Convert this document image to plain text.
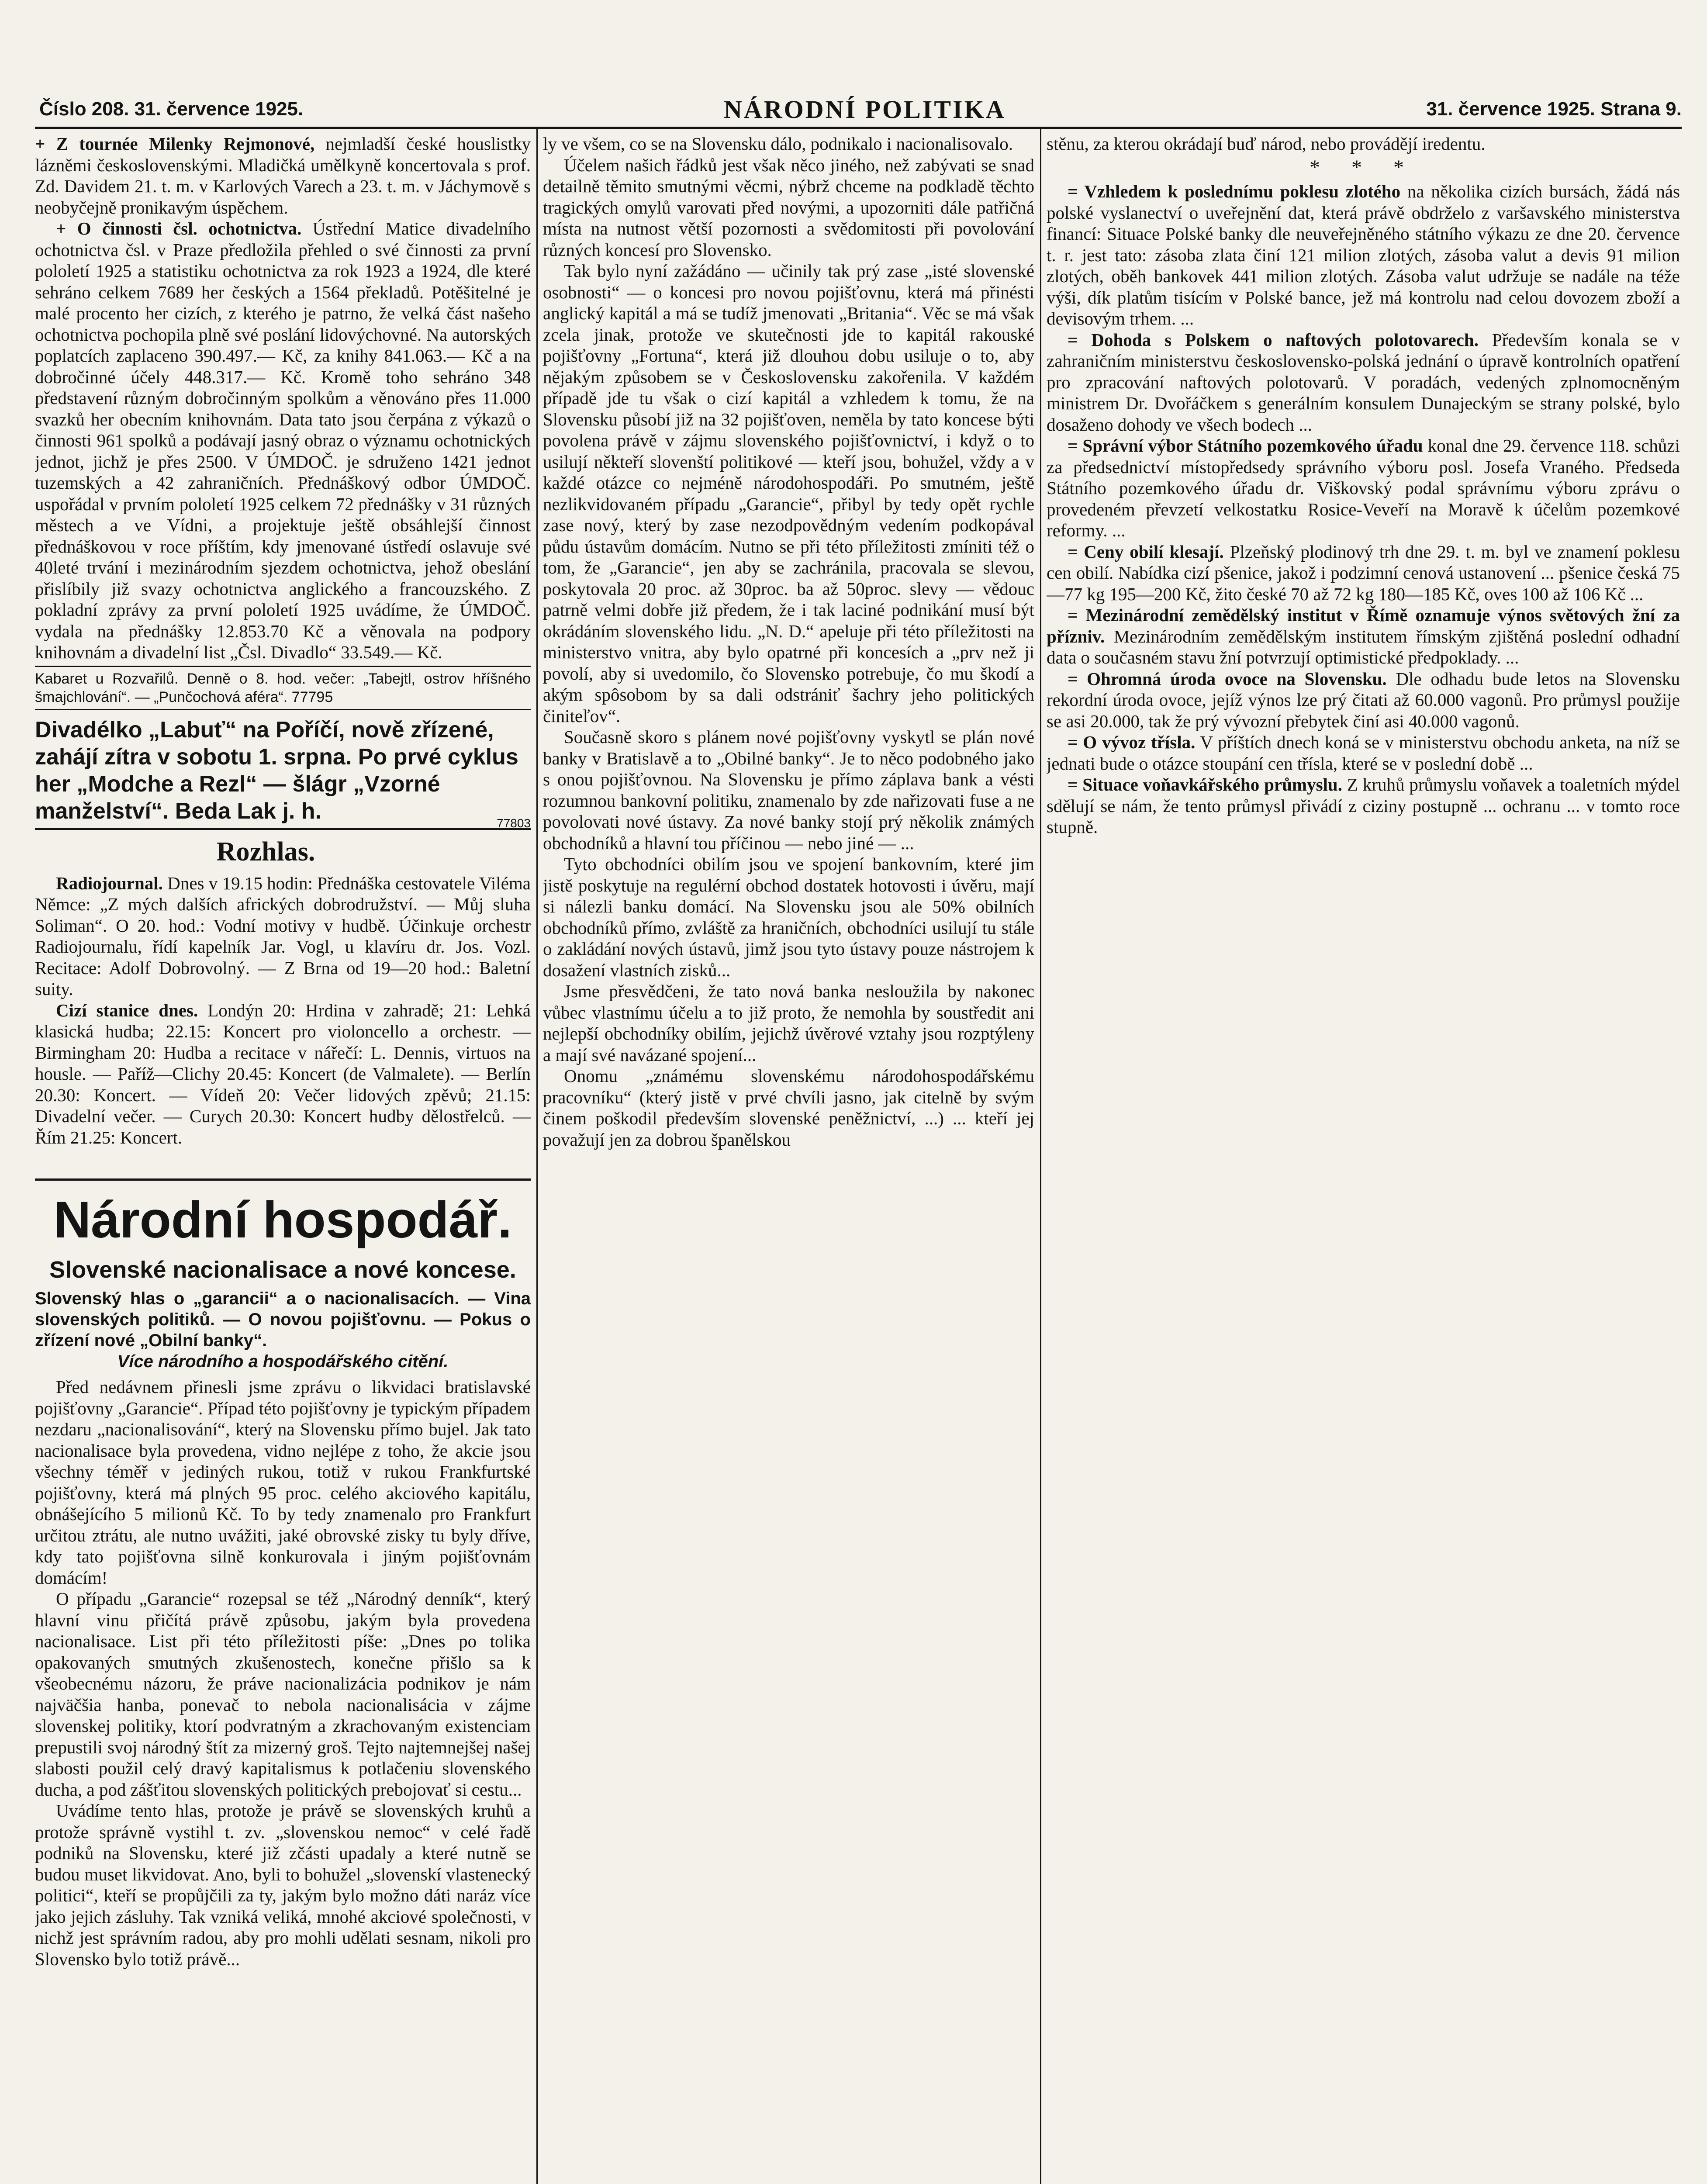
Číslo 208. 31. července 1925.	NÁRODNÍ POLITIKA	31. července 1925. Strana 9.

+ Z tournée Milenky Rejmonové, nejmladší české houslistky lázněmi československými. Mladičká umělkyně koncertovala s prof. Zd. Davidem 21. t. m. v Karlových Varech a 23. t. m. v Jáchymově s neobyčejně pronikavým úspěchem.

+ O činnosti čsl. ochotnictva. Ústřední Matice divadelního ochotnictva čsl. v Praze předložila přehled o své činnosti za první pololetí 1925 a statistiku ochotnictva za rok 1923 a 1924, dle které sehráno celkem 7689 her českých a 1564 překladů. Potěšitelné je malé procento her cizích, z kterého je patrno, že velká část našeho ochotnictva pochopila plně své poslání lidovýchovné. Na autorských poplatcích zaplaceno 390.497.— Kč, za knihy 841.063.— Kč a na dobročinné účely 448.317.— Kč. Kromě toho sehráno 348 představení různým dobročinným spolkům a věnováno přes 11.000 svazků her obecním knihovnám. Data tato jsou čerpána z výkazů o činnosti 961 spolků a podávají jasný obraz o významu ochotnických jednot, jichž je přes 2500. V ÚMDOČ. je sdruženo 1421 jednot tuzemských a 42 zahraničních. Přednáškový odbor ÚMDOČ. uspořádal v prvním pololetí 1925 celkem 72 přednášky v 31 různých městech a ve Vídni, a projektuje ještě obsáhlejší činnost přednáškovou v roce příštím, kdy jmenované ústředí oslavuje své 40leté trvání i mezinárodním sjezdem ochotnictva, jehož obeslání přislíbily již svazy ochotnictva anglického a francouzského. Z pokladní zprávy za první pololetí 1925 uvádíme, že ÚMDOČ. vydala na přednášky 12.853.70 Kč a věnovala na podpory knihovnám a divadelní list „Čsl. Divadlo“ 33.549.— Kč.

Kabaret u Rozvařilů. Denně o 8. hod. večer: „Tabejtl, ostrov hříšného šmajchlování“. — „Punčochová aféra“. 77795
Divadélko „Labuť“ na Poříčí, nově zřízené, zahájí zítra v sobotu 1. srpna. Po prvé cyklus her „Modche a Rezl“ — šlágr „Vzorné manželství“. Beda Lak j. h.	77803
Rozhlas.

Radiojournal. Dnes v 19.15 hodin: Přednáška cestovatele Viléma Němce: „Z mých dalších afrických dobrodružství. — Můj sluha Soliman“. O 20. hod.: Vodní motivy v hudbě. Účinkuje orchestr Radiojournalu, řídí kapelník Jar. Vogl, u klavíru dr. Jos. Vozl. Recitace: Adolf Dobrovolný. — Z Brna od 19—20 hod.: Baletní suity.

Cizí stanice dnes. Londýn 20: Hrdina v zahradě; 21: Lehká klasická hudba; 22.15: Koncert pro violoncello a orchestr. — Birmingham 20: Hudba a recitace v nářečí: L. Dennis, virtuos na housle. — Paříž—Clichy 20.45: Koncert (de Valmalete). — Berlín 20.30: Koncert. — Vídeň 20: Večer lidových zpěvů; 21.15: Divadelní večer. — Curych 20.30: Koncert hudby dělostřelců. — Řím 21.25: Koncert.

Národní hospodář.
Slovenské nacionalisace a nové koncese.
Slovenský hlas o „garancii“ a o nacionalisacích. — Vina slovenských politiků. — O novou pojišťovnu. — Pokus o zřízení nové „Obilní banky“.
Více národního a hospodářského citění.

Před nedávnem přinesli jsme zprávu o likvidaci bratislavské pojišťovny „Garancie“. Případ této pojišťovny je typickým případem nezdaru „nacionalisování“, který na Slovensku přímo bujel. Jak tato nacionalisace byla provedena, vidno nejlépe z toho, že akcie jsou všechny téměř v jediných rukou, totiž v rukou Frankfurtské pojišťovny, která má plných 95 proc. celého akciového kapitálu, obnášejícího 5 milionů Kč. To by tedy znamenalo pro Frankfurt určitou ztrátu, ale nutno uvážiti, jaké obrovské zisky tu byly dříve, kdy tato pojišťovna silně konkurovala i jiným pojišťovnám domácím!

O případu „Garancie“ rozepsal se též „Národný denník“, který hlavní vinu přičítá právě způsobu, jakým byla provedena nacionalisace. List při této příležitosti píše: „Dnes po tolika opakovaných smutných zkušenostech, konečne přišlo sa k všeobecnému názoru, že práve nacionalizácia podnikov je nám najväčšia hanba, ponevač to nebola nacionalisácia v zájme slovenskej politiky, ktorí podvratným a zkrachovaným existenciam prepustili svoj národný štít za mizerný groš. Tejto najtemnejšej našej slabosti použil celý dravý kapitalismus k potlačeniu slovenského ducha, a pod zášťitou slovenských politických prebojovať si cestu...

Uvádíme tento hlas, protože je právě se slovenských kruhů a protože správně vystihl t. zv. „slovenskou nemoc“ v celé řadě podniků na Slovensku, které již zčásti upadaly a které nutně se budou muset likvidovat. Ano, byli to bohužel „slovenskí vlastenecký politici“, kteří se propůjčili za ty, jakým bylo možno dáti naráz více jako jejich zásluhy. Tak vzniká veliká, mnohé akciové společnosti, v nichž jest správním radou, aby pro mohli udělati sesnam, nikoli pro Slovensko bylo totiž právě...

ly ve všem, co se na Slovensku dálo, podnikalo i nacionalisovalo.

Účelem našich řádků jest však něco jiného, než zabývati se snad detailně těmito smutnými věcmi, nýbrž chceme na podkladě těchto tragických omylů varovati před novými, a upozorniti dále patřičná místa na nutnost větší pozornosti a svědomitosti při povolování různých koncesí pro Slovensko.

Tak bylo nyní zažádáno — učinily tak prý zase „isté slovenské osobnosti“ — o koncesi pro novou pojišťovnu, která má přinésti anglický kapitál a má se tudíž jmenovati „Britania“. Věc se má však zcela jinak, protože ve skutečnosti jde to kapitál rakouské pojišťovny „Fortuna“, která již dlouhou dobu usiluje o to, aby nějakým způsobem se v Československu zakořenila. V každém případě jde tu však o cizí kapitál a vzhledem k tomu, že na Slovensku působí již na 32 pojišťoven, neměla by tato koncese býti povolena právě v zájmu slovenského pojišťovnictví, i když o to usilují někteří slovenští politikové — kteří jsou, bohužel, vždy a v každé otázce co nejméně národohospodáři. Po smutném, ještě nezlikvidovaném případu „Garancie“, přibyl by tedy opět rychle zase nový, který by zase nezodpovědným vedením podkopával půdu ústavům domácím. Nutno se při této příležitosti zmíniti též o tom, že „Garancie“, jen aby se zachránila, pracovala se slevou, poskytovala 20 proc. až 30proc. ba až 50proc. slevy — vědouc patrně velmi dobře již předem, že i tak laciné podnikání musí být okrádáním slovenského lidu. „N. D.“ apeluje při této příležitosti na ministerstvo vnitra, aby bylo opatrné při koncesích a „prv než ji povolí, aby si uvedomilo, čo Slovensko potrebuje, čo mu škodí a akým spôsobom by sa dali odstrániť šachry jeho politických činiteľov“.

Současně skoro s plánem nové pojišťovny vyskytl se plán nové banky v Bratislavě a to „Obilné banky“. Je to něco podobného jako s onou pojišťovnou. Na Slovensku je přímo záplava bank a vésti rozumnou bankovní politiku, znamenalo by zde nařizovati fuse a ne povolovati nové ústavy. Za nové banky stojí prý několik známých obchodníků a hlavní tou příčinou — nebo jiné — ...

Tyto obchodníci obilím jsou ve spojení bankovním, které jim jistě poskytuje na regulérní obchod dostatek hotovosti i úvěru, mají si nálezli banku domácí. Na Slovensku jsou ale 50% obilních obchodníků přímo, zvláště za hraničních, obchodníci usilují tu stále o zakládání nových ústavů, jimž jsou tyto ústavy pouze nástrojem k dosažení vlastních zisků...

Jsme přesvědčeni, že tato nová banka nesloužila by nakonec vůbec vlastnímu účelu a to již proto, že nemohla by soustředit ani nejlepší obchodníky obilím, jejichž úvěrové vztahy jsou rozptýleny a mají své navázané spojení...

Onomu „známému slovenskému národohospodářskému pracovníku“ (který jistě v prvé chvíli jasno, jak citelně by svým činem poškodil především slovenské peněžnictví, ...) ... kteří jej považují jen za dobrou španělskou

stěnu, za kterou okrádají buď národ, nebo provádějí iredentu.

* * *

= Vzhledem k poslednímu poklesu zlotého na několika cizích bursách, žádá nás polské vyslanectví o uveřejnění dat, která právě obdrželo z varšavského ministerstva financí: Situace Polské banky dle neuveřejněného státního výkazu ze dne 20. července t. r. jest tato: zásoba zlata činí 121 milion zlotých, zásoba valut a devis 91 milion zlotých, oběh bankovek 441 milion zlotých. Zásoba valut udržuje se nadále na téže výši, dík platům tisícím v Polské bance, jež má kontrolu nad celou dovozem zboží a devisovým trhem. ...

= Dohoda s Polskem o naftových polotovarech. Především konala se v zahraničním ministerstvu československo-polská jednání o úpravě kontrolních opatření pro zpracování naftových polotovarů. V poradách, vedených zplnomocněným ministrem Dr. Dvořáčkem s generálním konsulem Dunajeckým se strany polské, bylo dosaženo dohody ve všech bodech ...

= Správní výbor Státního pozemkového úřadu konal dne 29. července 118. schůzi za předsednictví místopředsedy správního výboru posl. Josefa Vraného. Předseda Státního pozemkového úřadu dr. Viškovský podal správnímu výboru zprávu o provedeném převzetí velkostatku Rosice-Veveří na Moravě k účelům pozemkové reformy. ...

= Ceny obilí klesají. Plzeňský plodinový trh dne 29. t. m. byl ve znamení poklesu cen obilí. Nabídka cizí pšenice, jakož i podzimní cenová ustanovení ... pšenice česká 75—77 kg 195—200 Kč, žito české 70 až 72 kg 180—185 Kč, oves 100 až 106 Kč ...

= Mezinárodní zemědělský institut v Římě oznamuje výnos světových žní za přízniv. Mezinárodním zemědělským institutem římským zjištěná poslední odhadní data o současném stavu žní potvrzují optimistické předpoklady. ...

= Ohromná úroda ovoce na Slovensku. Dle odhadu bude letos na Slovensku rekordní úroda ovoce, jejíž výnos lze prý čitati až 60.000 vagonů. Pro průmysl použije se asi 20.000, tak že prý vývozní přebytek činí asi 40.000 vagonů.

= O vývoz třísla. V příštích dnech koná se v ministerstvu obchodu anketa, na níž se jednati bude o otázce stoupání cen třísla, které se v poslední době ...

= Situace voňavkářského průmyslu. Z kruhů průmyslu voňavek a toaletních mýdel sdělují se nám, že tento průmysl přivádí z ciziny postupně ... ochranu ... v tomto roce stupně.
